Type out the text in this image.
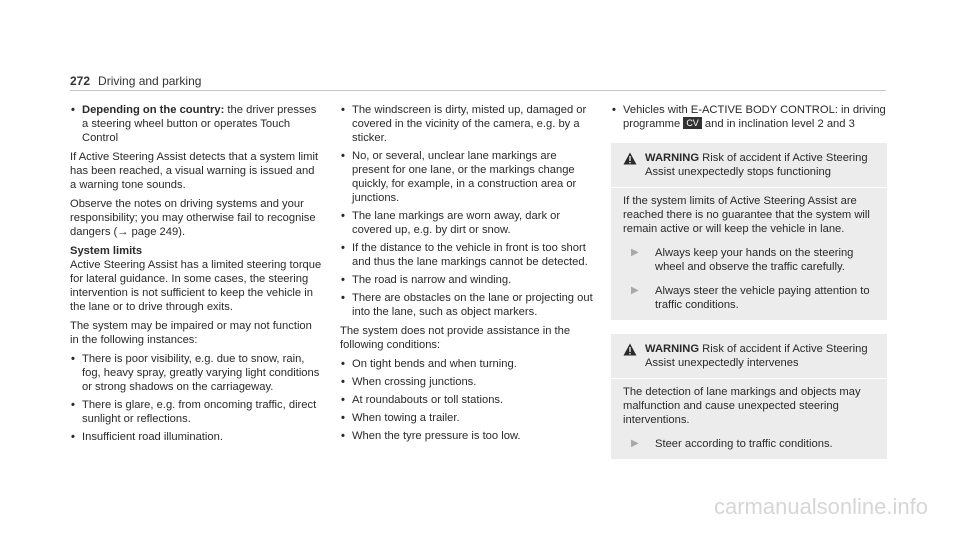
272 Driving and parking
• Depending on the country: the driver presses a steering wheel button or operates Touch Control

If Active Steering Assist detects that a system limit has been reached, a visual warning is issued and a warning tone sounds.

Observe the notes on driving systems and your responsibility; you may otherwise fail to recognise dangers (→ page 249).

System limits

Active Steering Assist has a limited steering torque for lateral guidance. In some cases, the steering intervention is not sufficient to keep the vehicle in the lane or to drive through exits.

The system may be impaired or may not function in the following instances:

• There is poor visibility, e.g. due to snow, rain, fog, heavy spray, greatly varying light conditions or strong shadows on the carriageway.
• There is glare, e.g. from oncoming traffic, direct sunlight or reflections.
• Insufficient road illumination.
• The windscreen is dirty, misted up, damaged or covered in the vicinity of the camera, e.g. by a sticker.
• No, or several, unclear lane markings are present for one lane, or the markings change quickly, for example, in a construction area or junctions.
• The lane markings are worn away, dark or covered up, e.g. by dirt or snow.
• If the distance to the vehicle in front is too short and thus the lane markings cannot be detected.
• The road is narrow and winding.
• There are obstacles on the lane or projecting out into the lane, such as object markers.

The system does not provide assistance in the following conditions:

• On tight bends and when turning.
• When crossing junctions.
• At roundabouts or toll stations.
• When towing a trailer.
• When the tyre pressure is too low.
• Vehicles with E-ACTIVE BODY CONTROL: in driving programme CV and in inclination level 2 and 3
WARNING Risk of accident if Active Steering Assist unexpectedly stops functioning

If the system limits of Active Steering Assist are reached there is no guarantee that the system will remain active or will keep the vehicle in lane.

▶	Always keep your hands on the steering wheel and observe the traffic carefully.
▶	Always steer the vehicle paying attention to traffic conditions.
WARNING Risk of accident if Active Steering Assist unexpectedly intervenes

The detection of lane markings and objects may malfunction and cause unexpected steering interventions.

▶	Steer according to traffic conditions.
carmanualsonline.info
